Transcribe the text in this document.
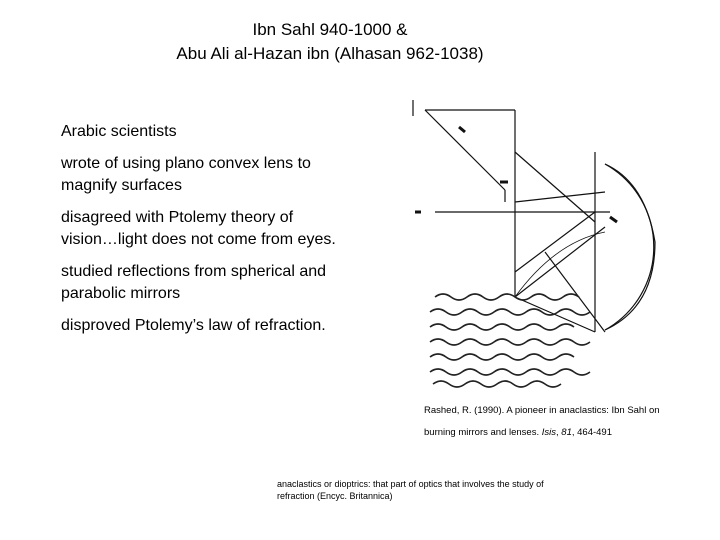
Ibn Sahl 940-1000 &
Abu Ali al-Hazan ibn (Alhasan 962-1038)
Arabic scientists
wrote of using plano convex lens to magnify surfaces
disagreed with Ptolemy theory of vision…light does not come from eyes.
studied reflections from spherical and parabolic mirrors
disproved Ptolemy’s law of refraction.
Rashed, R. (1990). A pioneer in anaclastics: Ibn Sahl on burning mirrors and lenses. Isis, 81, 464-491
anaclastics or dioptrics: that part of optics that involves the study of refraction (Encyc. Britannica)
